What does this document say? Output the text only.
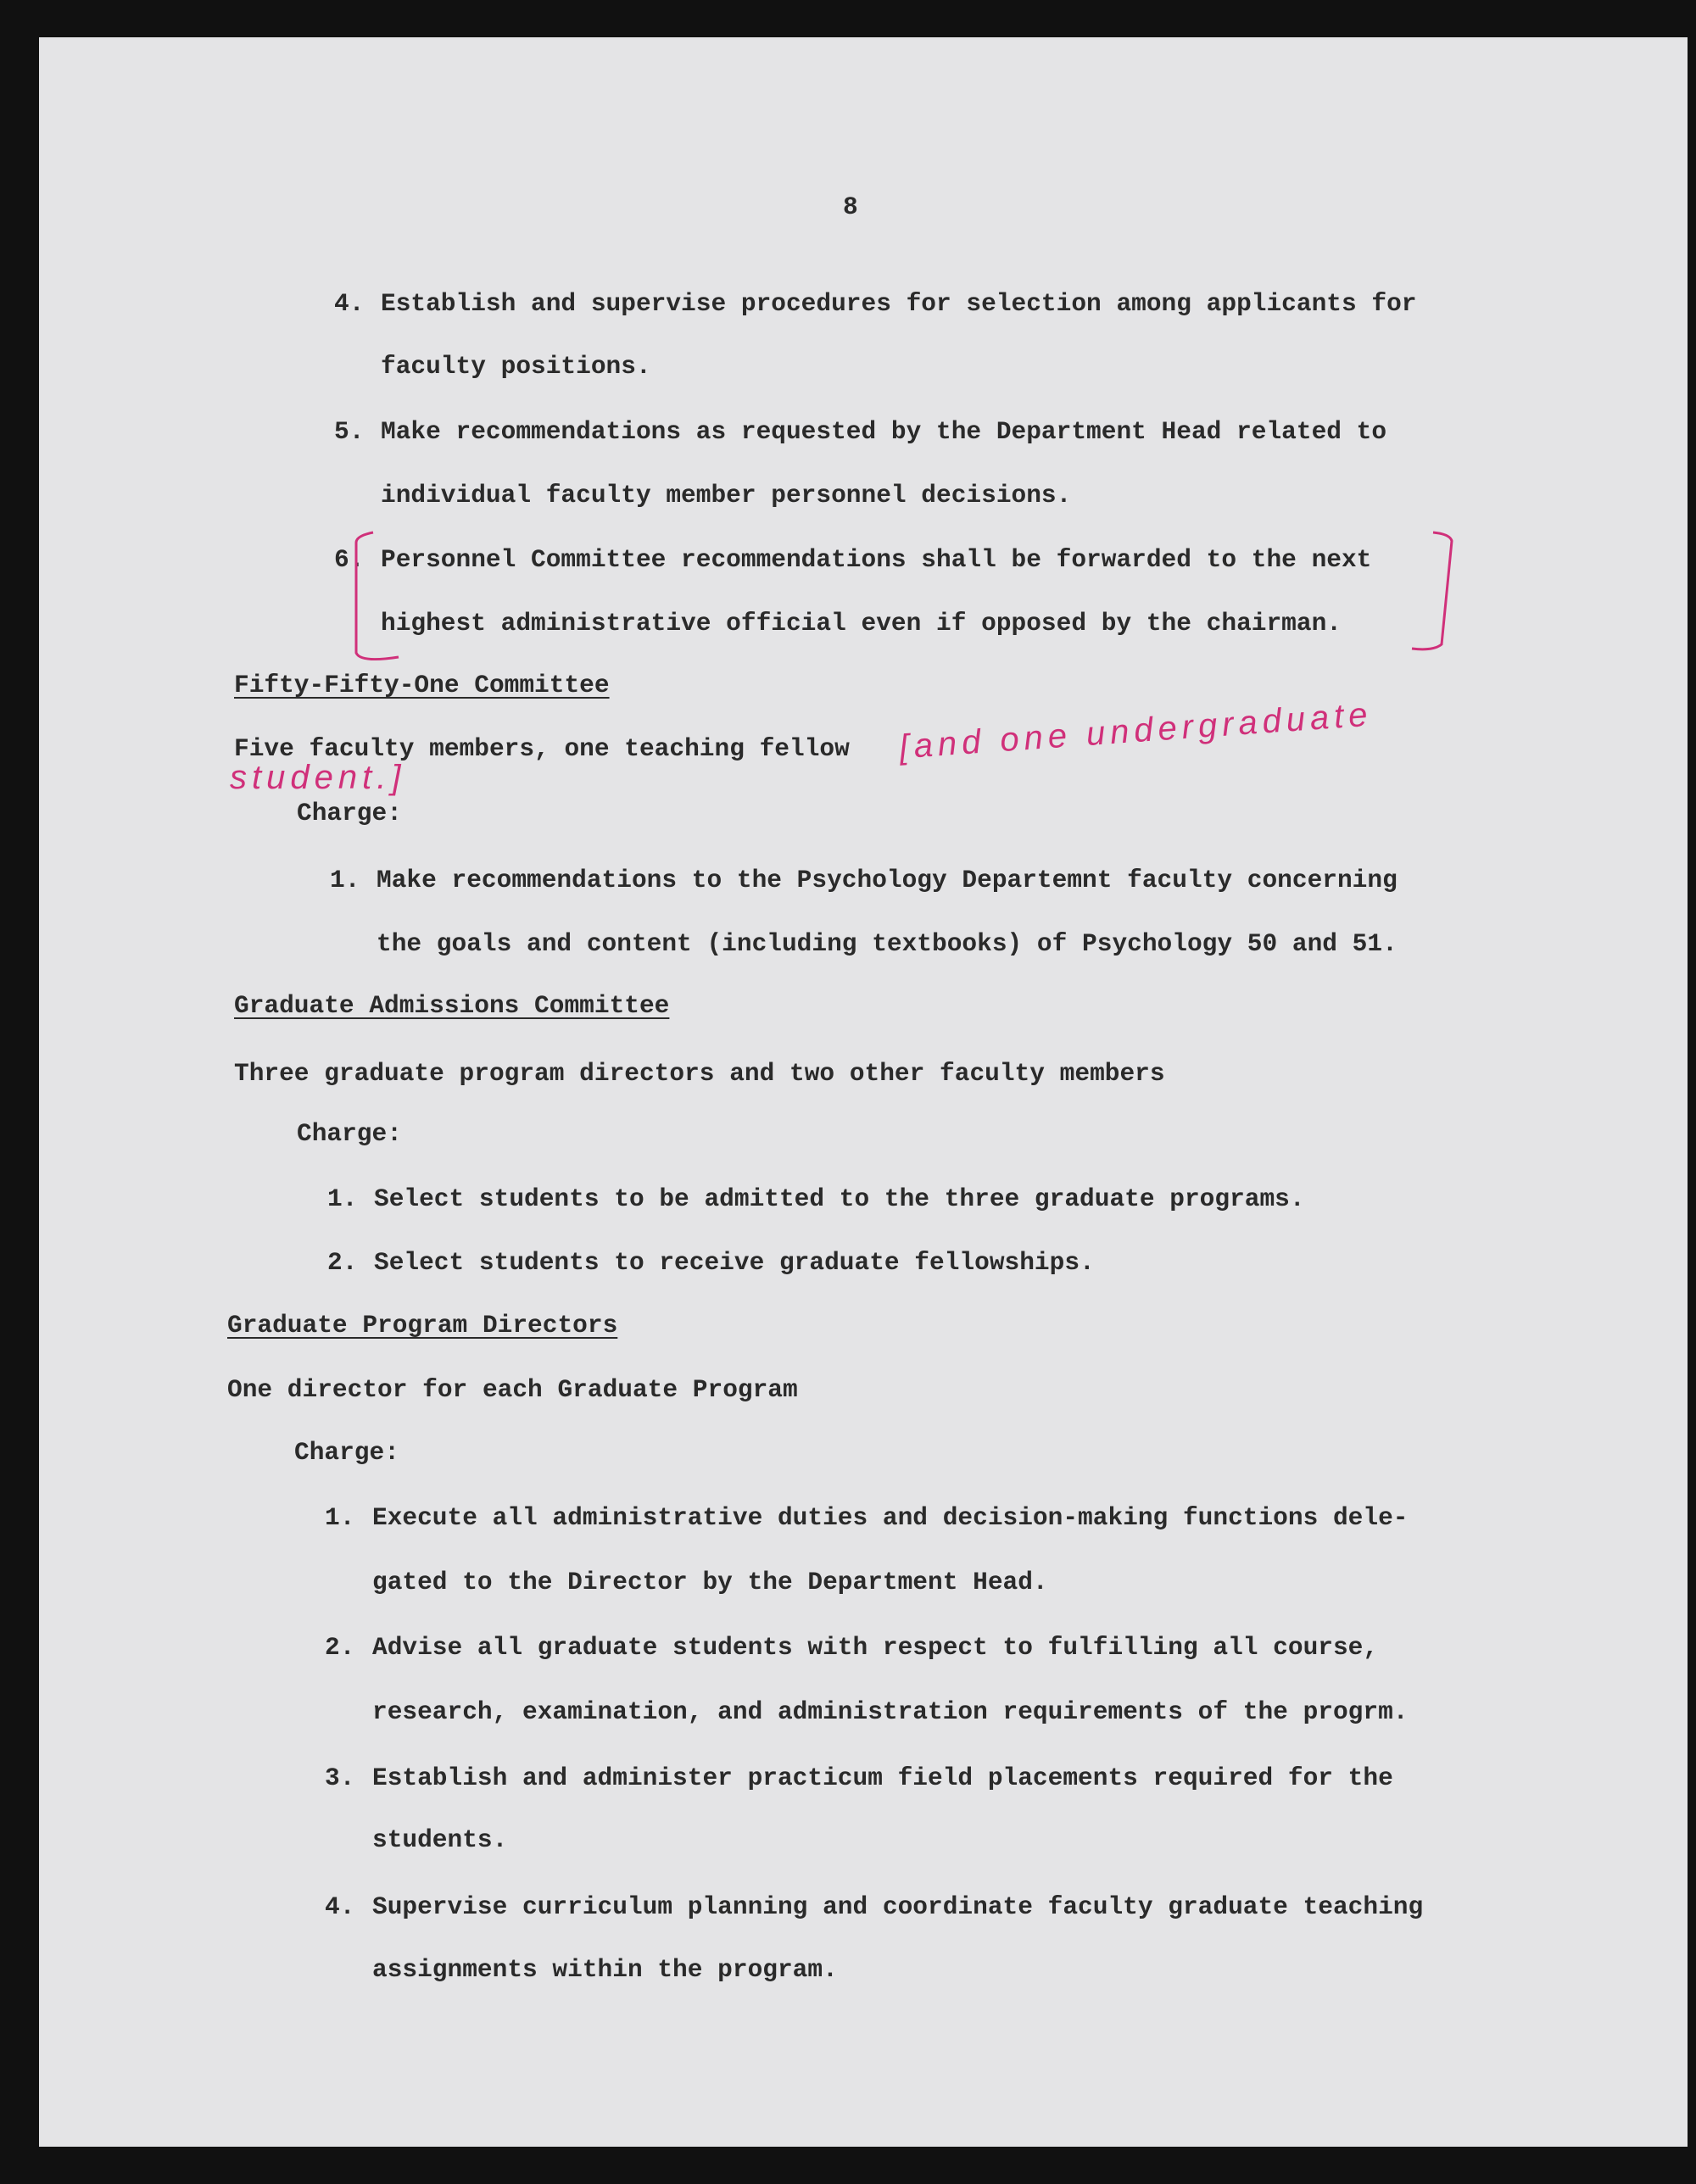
8
4. Establish and supervise procedures for selection among applicants for
faculty positions.
5. Make recommendations as requested by the Department Head related to
individual faculty member personnel decisions.
6. Personnel Committee recommendations shall be forwarded to the next
highest administrative official even if opposed by the chairman.
Fifty-Fifty-One Committee
Five faculty members, one teaching fellow [and one undergraduate
student.]
Charge:
1. Make recommendations to the Psychology Departemnt faculty concerning
the goals and content (including textbooks) of Psychology 50 and 51.
Graduate Admissions Committee
Three graduate program directors and two other faculty members
Charge:
1. Select students to be admitted to the three graduate programs.
2. Select students to receive graduate fellowships.
Graduate Program Directors
One director for each Graduate Program
Charge:
1. Execute all administrative duties and decision-making functions dele-
gated to the Director by the Department Head.
2. Advise all graduate students with respect to fulfilling all course,
research, examination, and administration requirements of the progrm.
3. Establish and administer practicum field placements required for the
students.
4. Supervise curriculum planning and coordinate faculty graduate teaching
assignments within the program.
